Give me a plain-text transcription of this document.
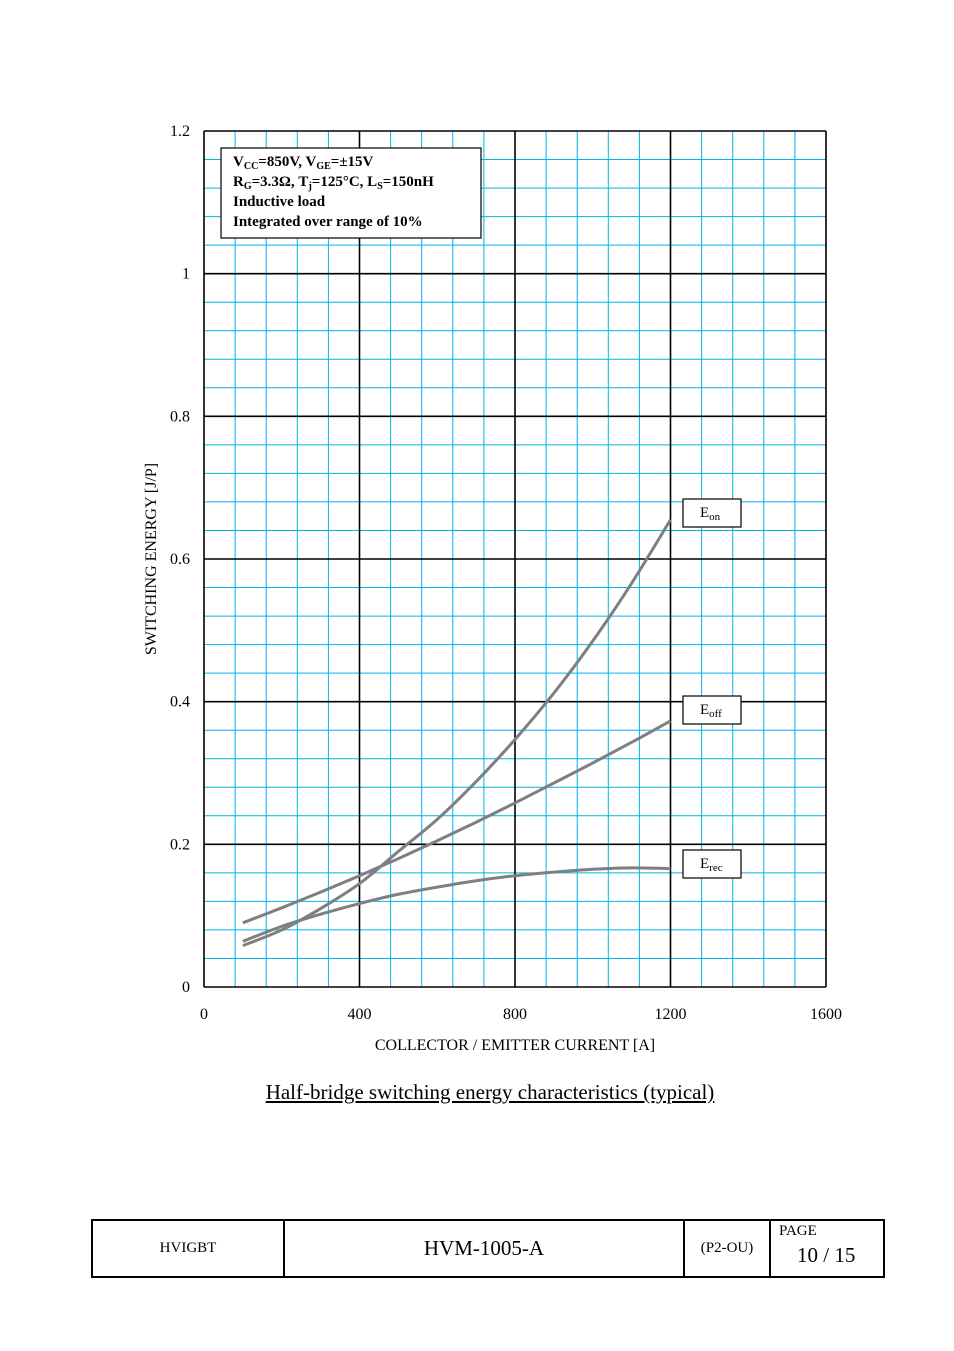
$E_{on}$
$E_{off}$
$E_{rec}$
0	400	800	1200	1600
0
0.2
0.4
0.6
0.8
1
1.2
$V_{CC}=850V$, $V_{GE}=\pm 15V$
$R_G=3.3\Omega$, $T_j=125^\circ C$, $L_S=150nH$
Inductive load
Integrated over range of 10%
COLLECTOR / EMITTER CURRENT [A]
SWITCHING ENERGY [J/P]
Half-bridge switching energy characteristics (typical)
HVIGBT	HVM-1005-A	(P2-OU)
PAGE
10 / 15
